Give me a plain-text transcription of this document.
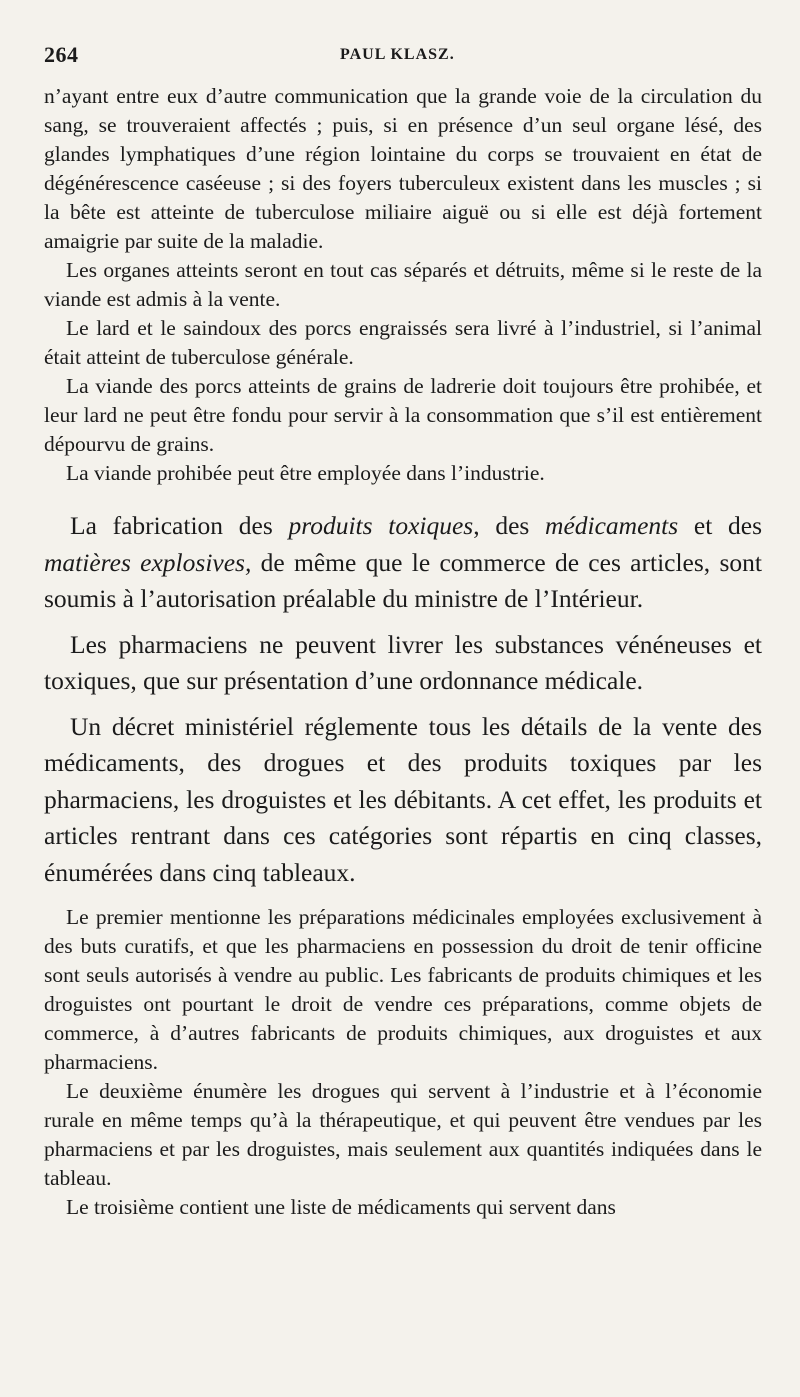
264	PAUL KLASZ.

n’ayant entre eux d’autre communication que la grande voie de la circulation du sang, se trouveraient affectés ; puis, si en présence d’un seul organe lésé, des glandes lymphatiques d’une région lointaine du corps se trouvaient en état de dégénérescence caséeuse ; si des foyers tuberculeux existent dans les muscles ; si la bête est atteinte de tuberculose miliaire aiguë ou si elle est déjà fortement amaigrie par suite de la maladie.

Les organes atteints seront en tout cas séparés et détruits, même si le reste de la viande est admis à la vente.

Le lard et le saindoux des porcs engraissés sera livré à l’industriel, si l’animal était atteint de tuberculose générale.

La viande des porcs atteints de grains de ladrerie doit toujours être prohibée, et leur lard ne peut être fondu pour servir à la consommation que s’il est entièrement dépourvu de grains.

La viande prohibée peut être employée dans l’industrie.

La fabrication des produits toxiques, des médicaments et des matières explosives, de même que le commerce de ces articles, sont soumis à l’autorisation préalable du ministre de l’Intérieur.

Les pharmaciens ne peuvent livrer les substances vénéneuses et toxiques, que sur présentation d’une ordonnance médicale.

Un décret ministériel réglemente tous les détails de la vente des médicaments, des drogues et des produits toxiques par les pharmaciens, les droguistes et les débitants. A cet effet, les produits et articles rentrant dans ces catégories sont répartis en cinq classes, énumérées dans cinq tableaux.

Le premier mentionne les préparations médicinales employées exclusivement à des buts curatifs, et que les pharmaciens en possession du droit de tenir officine sont seuls autorisés à vendre au public. Les fabricants de produits chimiques et les droguistes ont pourtant le droit de vendre ces préparations, comme objets de commerce, à d’autres fabricants de produits chimiques, aux droguistes et aux pharmaciens.

Le deuxième énumère les drogues qui servent à l’industrie et à l’économie rurale en même temps qu’à la thérapeutique, et qui peuvent être vendues par les pharmaciens et par les droguistes, mais seulement aux quantités indiquées dans le tableau.

Le troisième contient une liste de médicaments qui servent dans
